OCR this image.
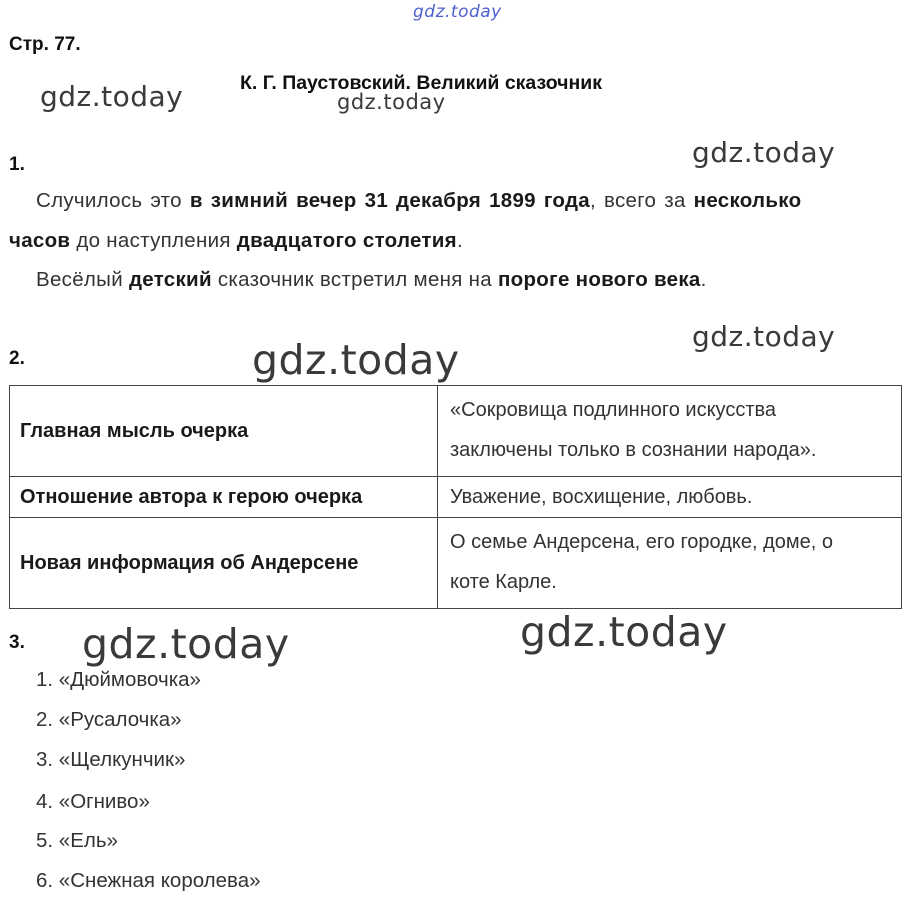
gdz.today
gdz.today	gdz.today
gdz.today
gdz.today
gdz.today
gdz.today	gdz.today
Стр. 77.
К. Г. Паустовский. Великий сказочник
1.
Случилось это в зимний вечер 31 декабря 1899 года, всего за несколько
часов до наступления двадцатого столетия.
Весёлый детский сказочник встретил меня на пороге нового века.
2.
Главная мысль очерка	«Сокровища подлинного искусства
заключены только в сознании народа».

Отношение автора к герою очерка	Уважение, восхищение, любовь.

Новая информация об Андерсене	О семье Андерсена, его городке, доме, о
коте Карле.
3.
1. «Дюймовочка»
2. «Русалочка»
3. «Щелкунчик»
4. «Огниво»
5. «Ель»
6. «Снежная королева»
